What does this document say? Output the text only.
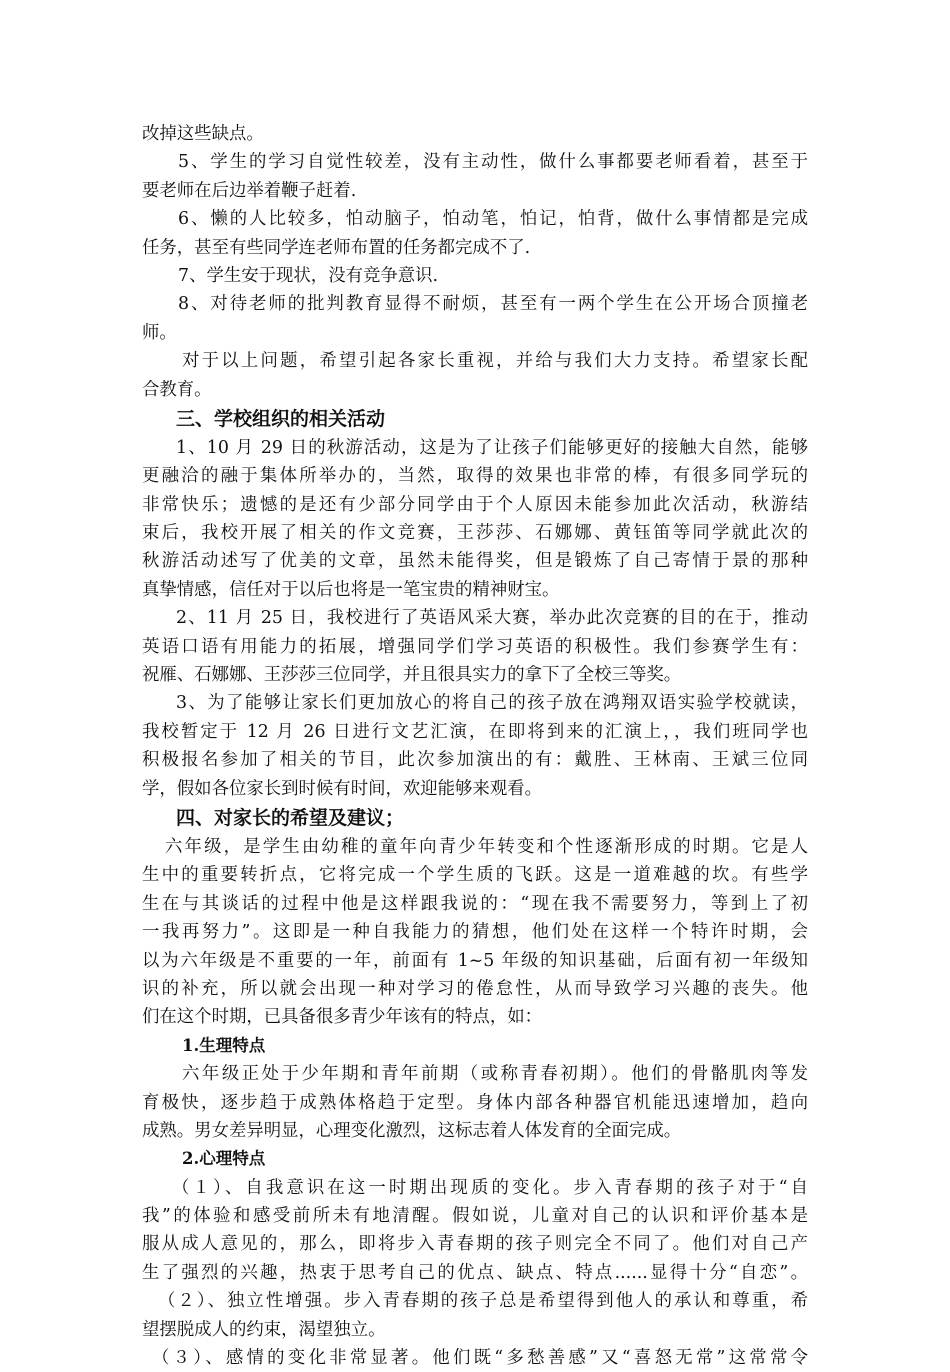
改掉这些缺点。
5、学生的学习自觉性较差，没有主动性，做什么事都要老师看着，甚至于
要老师在后边举着鞭子赶着.
6、懒的人比较多，怕动脑子，怕动笔，怕记，怕背，做什么事情都是完成
任务，甚至有些同学连老师布置的任务都完成不了.
7、学生安于现状，没有竞争意识.
8、对待老师的批判教育显得不耐烦，甚至有一两个学生在公开场合顶撞老
师。
对于以上问题，希望引起各家长重视，并给与我们大力支持。希望家长配
合教育。
三、学校组织的相关活动
1、10 月 29 日的秋游活动，这是为了让孩子们能够更好的接触大自然，能够
更融洽的融于集体所举办的，当然，取得的效果也非常的棒，有很多同学玩的
非常快乐；遗憾的是还有少部分同学由于个人原因未能参加此次活动，秋游结
束后，我校开展了相关的作文竞赛，王莎莎、石娜娜、黄钰笛等同学就此次的
秋游活动述写了优美的文章，虽然未能得奖，但是锻炼了自己寄情于景的那种
真挚情感，信任对于以后也将是一笔宝贵的精神财宝。
2、11 月 25 日，我校进行了英语风采大赛，举办此次竞赛的目的在于，推动
英语口语有用能力的拓展，增强同学们学习英语的积极性。我们参赛学生有：
祝雁、石娜娜、王莎莎三位同学，并且很具实力的拿下了全校三等奖。
3、为了能够让家长们更加放心的将自己的孩子放在鸿翔双语实验学校就读，
我校暂定于 12 月 26 日进行文艺汇演，在即将到来的汇演上，，我们班同学也
积极报名参加了相关的节目，此次参加演出的有：戴胜、王林南、王斌三位同
学，假如各位家长到时候有时间，欢迎能够来观看。
四、对家长的希望及建议；
六年级，是学生由幼稚的童年向青少年转变和个性逐渐形成的时期。它是人
生中的重要转折点，它将完成一个学生质的飞跃。这是一道难越的坎。有些学
生在与其谈话的过程中他是这样跟我说的：“现在我不需要努力，等到上了初
一我再努力”。这即是一种自我能力的猜想，他们处在这样一个特许时期，会
以为六年级是不重要的一年，前面有 1~5 年级的知识基础，后面有初一年级知
识的补充，所以就会出现一种对学习的倦怠性，从而导致学习兴趣的丧失。他
们在这个时期，已具备很多青少年该有的特点，如：
1.生理特点
六年级正处于少年期和青年前期（或称青春初期）。他们的骨骼肌肉等发
育极快，逐步趋于成熟体格趋于定型。身体内部各种器官机能迅速增加，趋向
成熟。男女差异明显，心理变化激烈，这标志着人体发育的全面完成。
2.心理特点
（１）、自我意识在这一时期出现质的变化。步入青春期的孩子对于“自
我”的体验和感受前所未有地清醒。假如说，儿童对自己的认识和评价基本是
服从成人意见的，那么，即将步入青春期的孩子则完全不同了。他们对自己产
生了强烈的兴趣，热衷于思考自己的优点、缺点、特点......显得十分“自恋”。
（２）、独立性增强。步入青春期的孩子总是希望得到他人的承认和尊重，希
望摆脱成人的约束，渴望独立。
（３）、感情的变化非常显著。他们既“多愁善感”又“喜怒无常”这常常令
